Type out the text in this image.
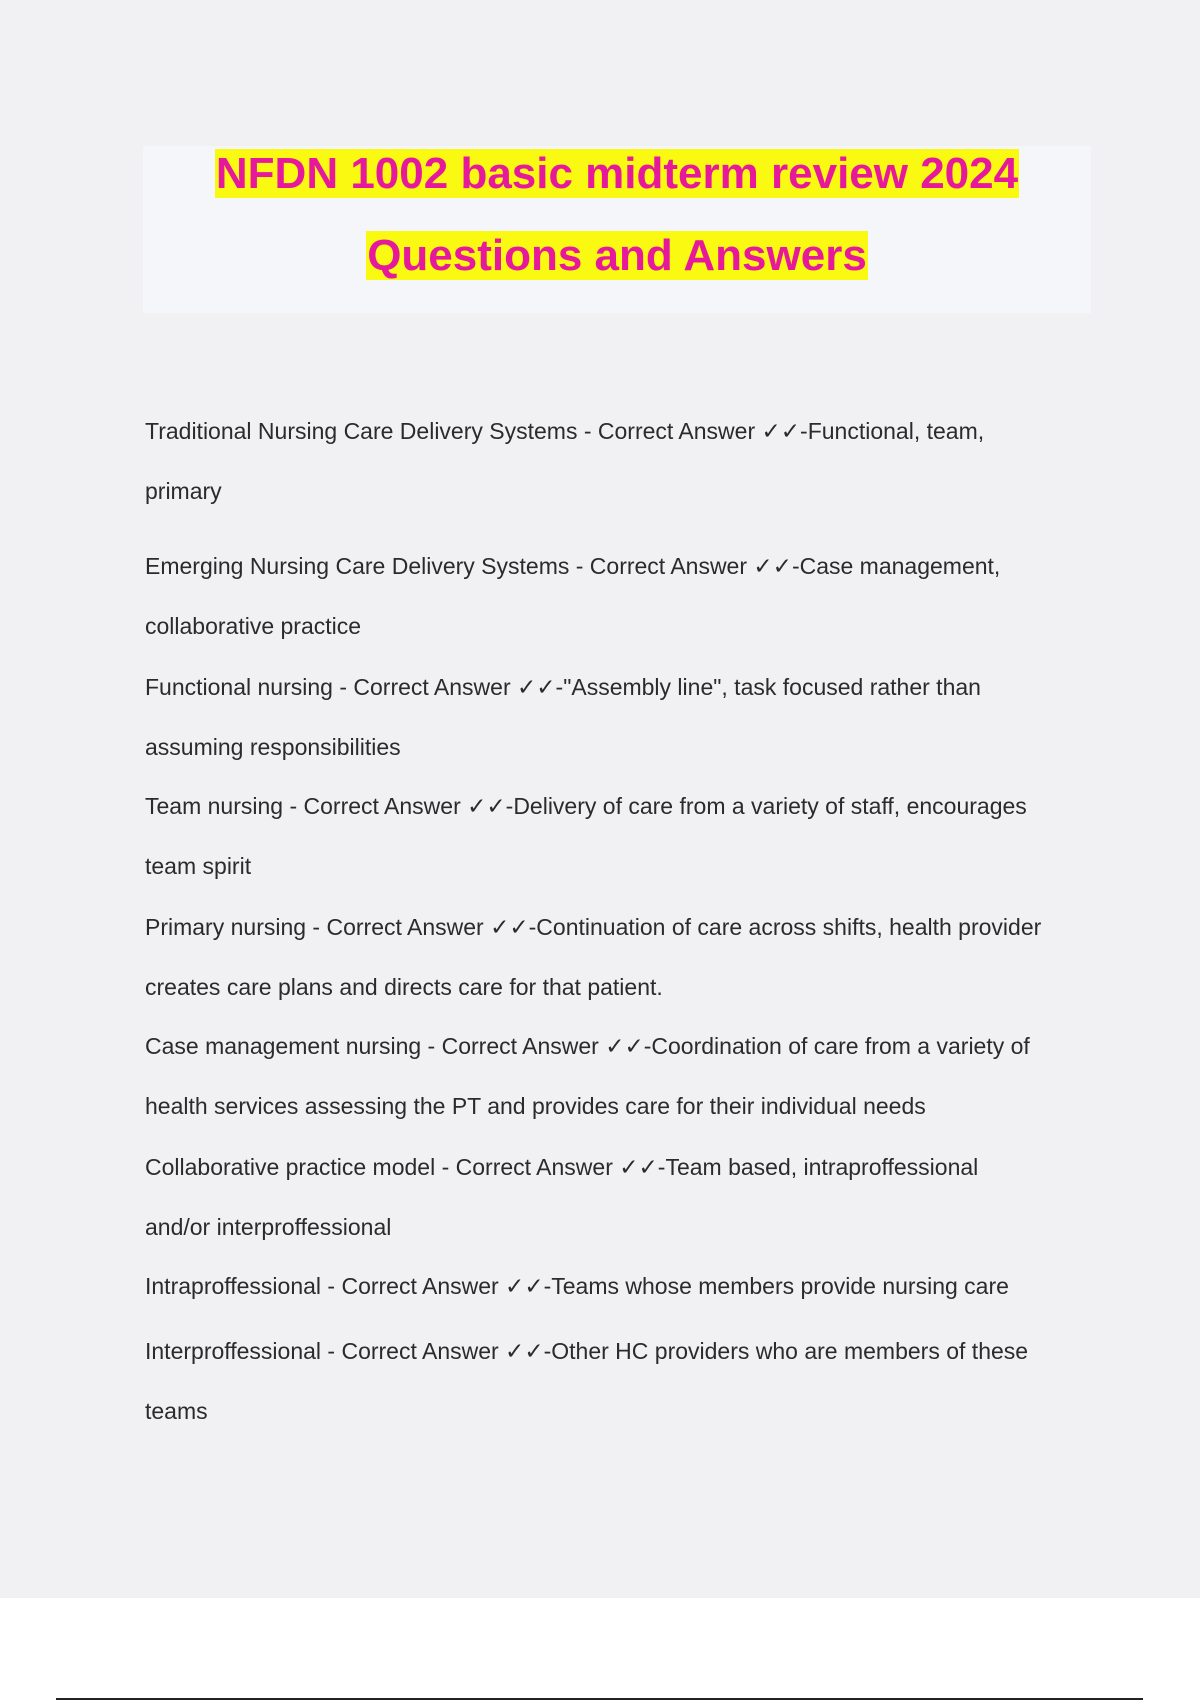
NFDN 1002 basic midterm review 2024
Questions and Answers
Traditional Nursing Care Delivery Systems - Correct Answer ✓✓-Functional, team,
primary
Emerging Nursing Care Delivery Systems - Correct Answer ✓✓-Case management,
collaborative practice
Functional nursing - Correct Answer ✓✓-"Assembly line", task focused rather than
assuming responsibilities
Team nursing - Correct Answer ✓✓-Delivery of care from a variety of staff, encourages
team spirit
Primary nursing - Correct Answer ✓✓-Continuation of care across shifts, health provider
creates care plans and directs care for that patient.
Case management nursing - Correct Answer ✓✓-Coordination of care from a variety of
health services assessing the PT and provides care for their individual needs
Collaborative practice model - Correct Answer ✓✓-Team based, intraproffessional
and/or interproffessional
Intraproffessional - Correct Answer ✓✓-Teams whose members provide nursing care
Interproffessional - Correct Answer ✓✓-Other HC providers who are members of these
teams
